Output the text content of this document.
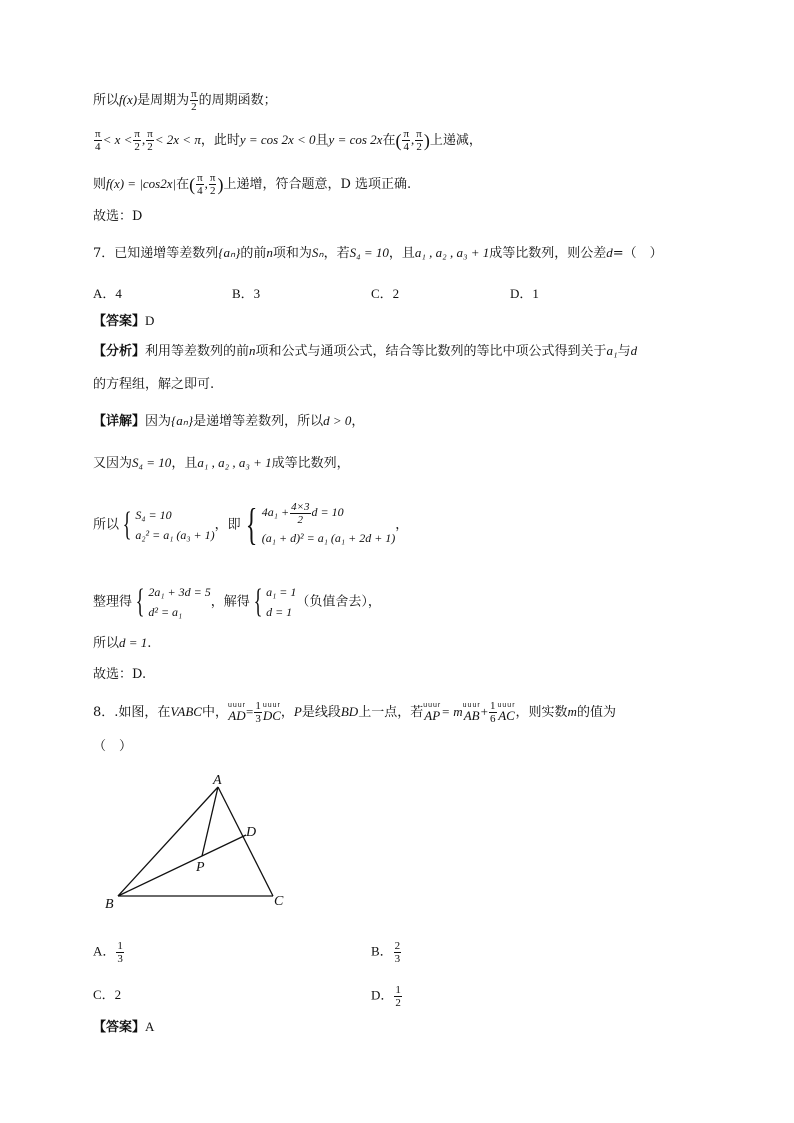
所以f(x)是周期为 $\frac{\pi}{2}$ 的周期函数；
$\frac{\pi}{4} < x < \frac{\pi}{2}$ , $\frac{\pi}{2} < 2x < \pi$，此时y = cos 2x < 0且y = cos 2x在( $\frac{\pi}{4}$ , $\frac{\pi}{2}$ )上递减，
则f(x) = |cos2x|在( $\frac{\pi}{4}$ , $\frac{\pi}{2}$ )上递增，符合题意，D 选项正确.
故选：D
7．已知递增等差数列{aₙ}的前n项和为Sₙ，若S₄ = 10，且a₁ , a₂ , a₃ + 1成等比数列，则公差d=（　）
A．4	B．3	C．2	D．1
【答案】D
【分析】利用等差数列的前n项和公式与通项公式，结合等比数列的等比中项公式得到关于a₁与d
的方程组，解之即可.
【详解】因为{aₙ}是递增等差数列，所以d > 0，
又因为S₄ = 10，且a₁ , a₂ , a₃ + 1成等比数列，
所以 { S₄ = 10
a₂² = a₁ (a₃ + 1)
，即 { $4a_1 + \frac{4\times 3}{2}$ d = 10
(a₁ + d)² = a₁ (a₁ + 2d + 1)
，
整理得 { 2a₁ + 3d = 5
d² = a₁
，解得 { a₁ = 1
d = 1
（负值舍去），
所以d = 1.
故选：D.
8．.如图，在VABC中， uuur
AD = $\frac{1}{3}$ uuur
DC ，P是线段BD上一点，若 uuur
AP = m uuur
AB + $\frac{1}{6}$ uuur
AC ，则实数m的值为
（　）
A
B	C
D
P
A． $\frac{1}{3}$	B． $\frac{2}{3}$
C．2	D． $\frac{1}{2}$
【答案】A
